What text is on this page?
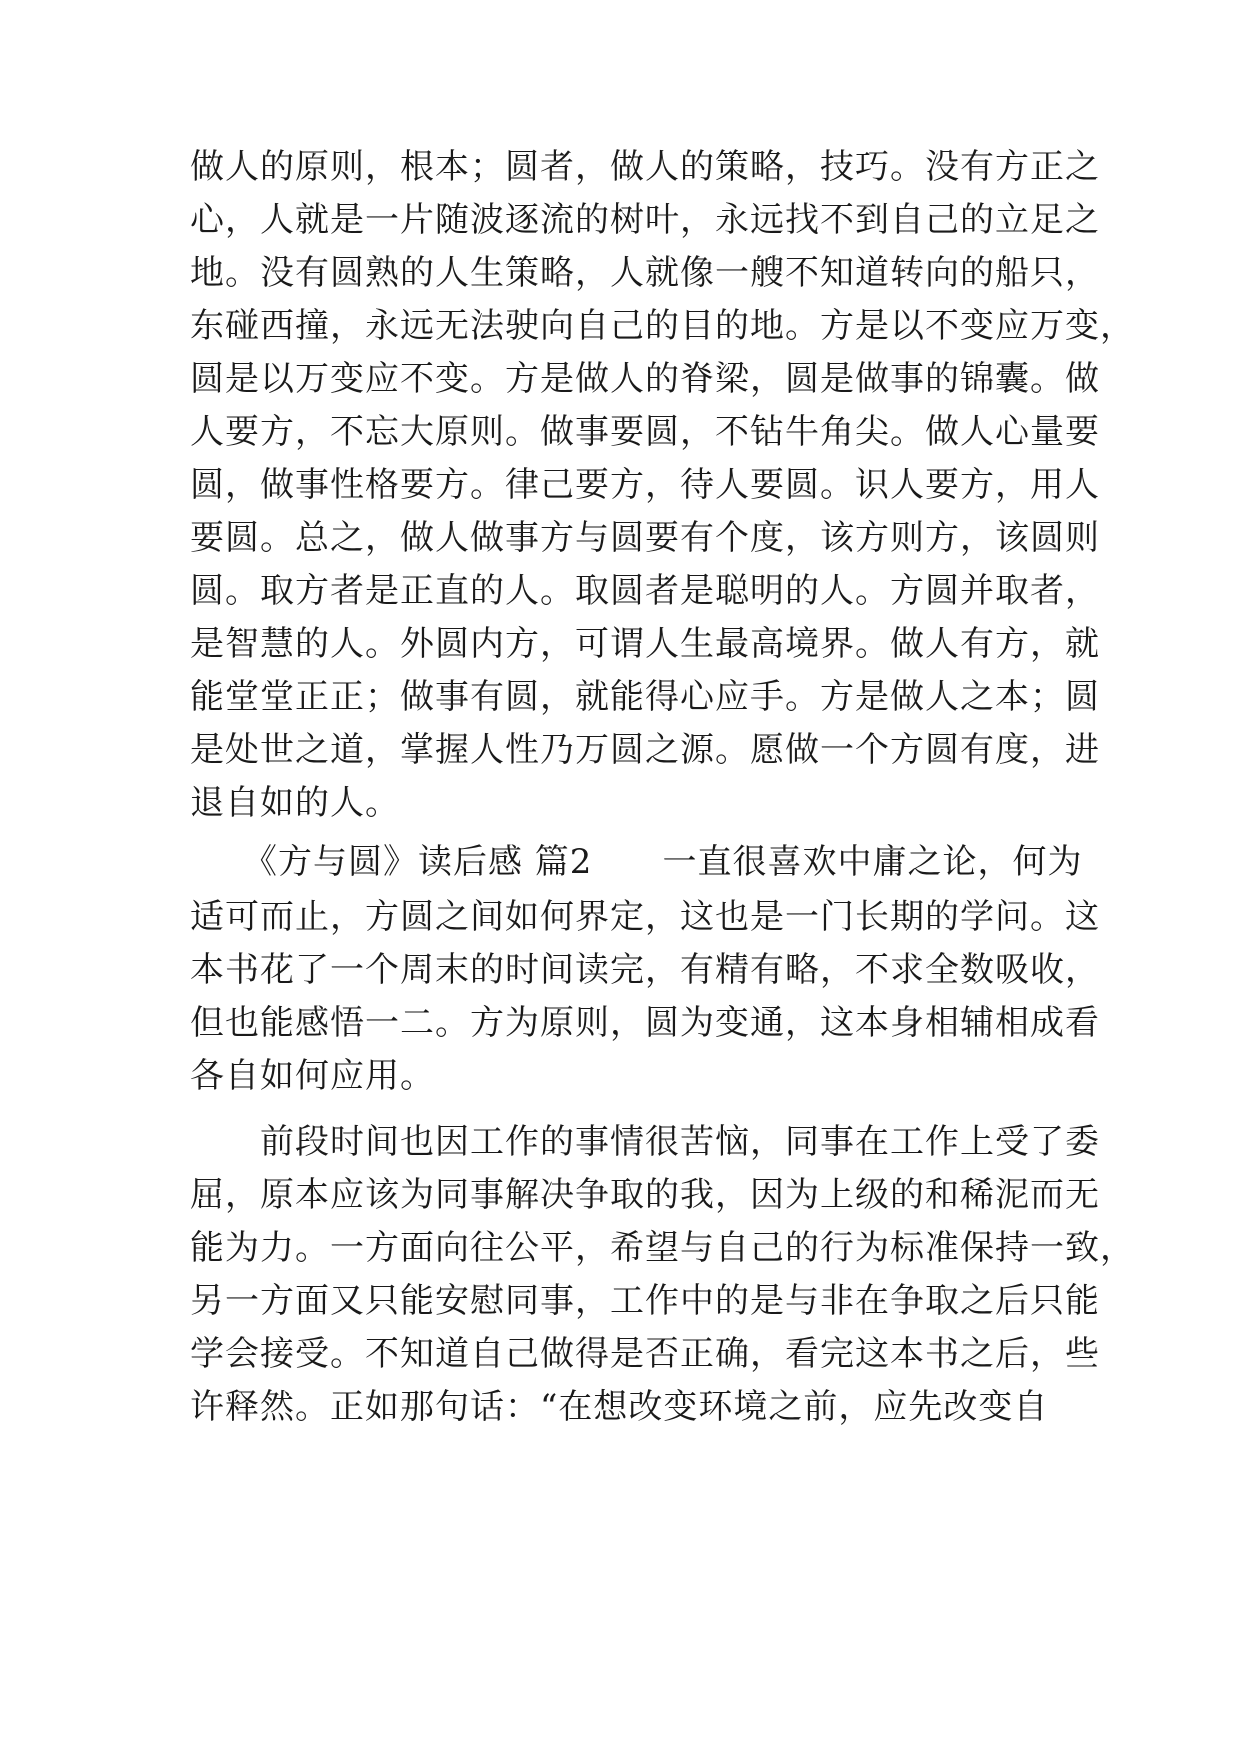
做人的原则，根本；圆者，做人的策略，技巧。没有方正之
心，人就是一片随波逐流的树叶，永远找不到自己的立足之
地。没有圆熟的人生策略，人就像一艘不知道转向的船只，
东碰西撞，永远无法驶向自己的目的地。方是以不变应万变，
圆是以万变应不变。方是做人的脊梁，圆是做事的锦囊。做
人要方，不忘大原则。做事要圆，不钻牛角尖。做人心量要
圆，做事性格要方。律己要方，待人要圆。识人要方，用人
要圆。总之，做人做事方与圆要有个度，该方则方，该圆则
圆。取方者是正直的人。取圆者是聪明的人。方圆并取者，
是智慧的人。外圆内方，可谓人生最高境界。做人有方，就
能堂堂正正；做事有圆，就能得心应手。方是做人之本；圆
是处世之道，掌握人性乃万圆之源。愿做一个方圆有度，进
退自如的人。
　　《方与圆》读后感 篇2　　一直很喜欢中庸之论，何为
适可而止，方圆之间如何界定，这也是一门长期的学问。这
本书花了一个周末的时间读完，有精有略，不求全数吸收，
但也能感悟一二。方为原则，圆为变通，这本身相辅相成看
各自如何应用。
　　前段时间也因工作的事情很苦恼，同事在工作上受了委
屈，原本应该为同事解决争取的我，因为上级的和稀泥而无
能为力。一方面向往公平，希望与自己的行为标准保持一致，
另一方面又只能安慰同事，工作中的是与非在争取之后只能
学会接受。不知道自己做得是否正确，看完这本书之后，些
许释然。正如那句话：“在想改变环境之前，应先改变自
